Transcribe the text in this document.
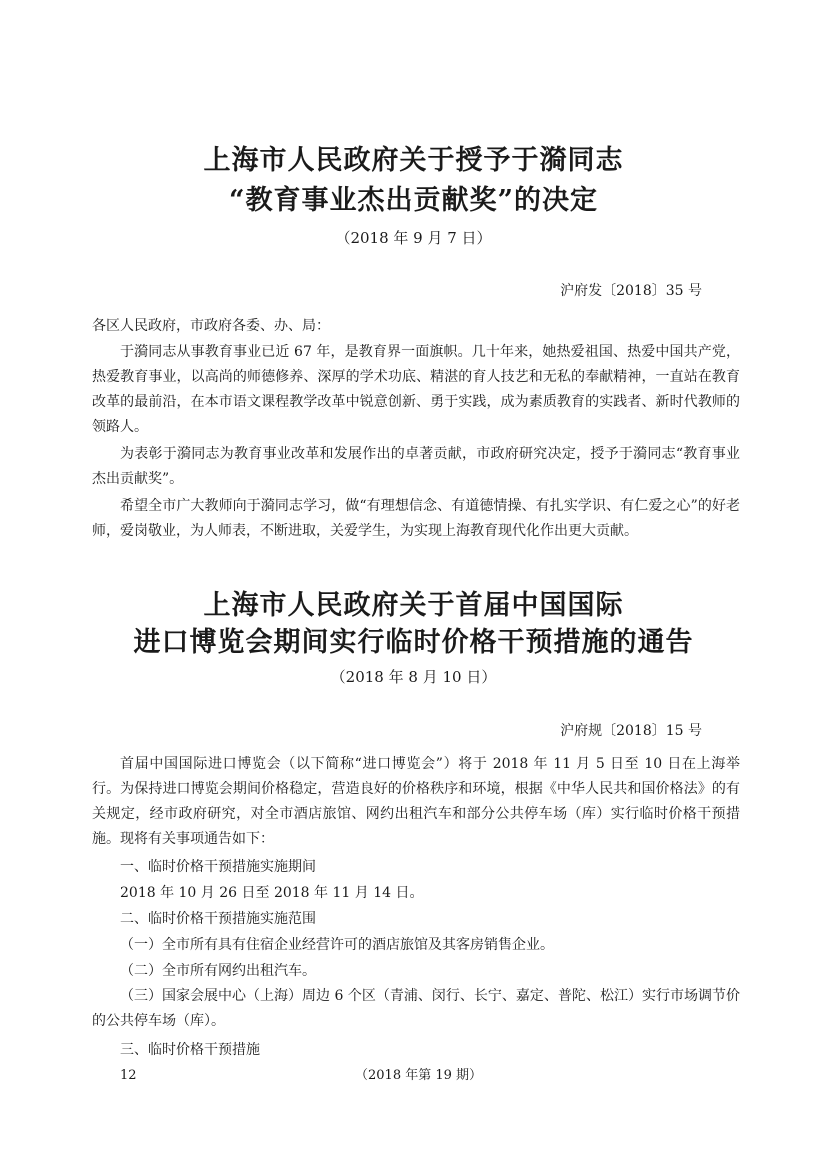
上海市人民政府关于授予于漪同志
“教育事业杰出贡献奖”的决定
（2018 年 9 月 7 日）
沪府发〔2018〕35 号
各区人民政府，市政府各委、办、局：
于漪同志从事教育事业已近 67 年，是教育界一面旗帜。几十年来，她热爱祖国、热爱中国共产党，热爱教育事业，以高尚的师德修养、深厚的学术功底、精湛的育人技艺和无私的奉献精神，一直站在教育改革的最前沿，在本市语文课程教学改革中锐意创新、勇于实践，成为素质教育的实践者、新时代教师的领路人。
为表彰于漪同志为教育事业改革和发展作出的卓著贡献，市政府研究决定，授予于漪同志“教育事业杰出贡献奖”。
希望全市广大教师向于漪同志学习，做“有理想信念、有道德情操、有扎实学识、有仁爱之心”的好老师，爱岗敬业，为人师表，不断进取，关爱学生，为实现上海教育现代化作出更大贡献。
上海市人民政府关于首届中国国际
进口博览会期间实行临时价格干预措施的通告
（2018 年 8 月 10 日）
沪府规〔2018〕15 号
首届中国国际进口博览会（以下简称“进口博览会”）将于 2018 年 11 月 5 日至 10 日在上海举行。为保持进口博览会期间价格稳定，营造良好的价格秩序和环境，根据《中华人民共和国价格法》的有关规定，经市政府研究，对全市酒店旅馆、网约出租汽车和部分公共停车场（库）实行临时价格干预措施。现将有关事项通告如下：
一、临时价格干预措施实施期间
2018 年 10 月 26 日至 2018 年 11 月 14 日。
二、临时价格干预措施实施范围
（一）全市所有具有住宿企业经营许可的酒店旅馆及其客房销售企业。
（二）全市所有网约出租汽车。
（三）国家会展中心（上海）周边 6 个区（青浦、闵行、长宁、嘉定、普陀、松江）实行市场调节价的公共停车场（库）。
三、临时价格干预措施
12	（2018 年第 19 期）
